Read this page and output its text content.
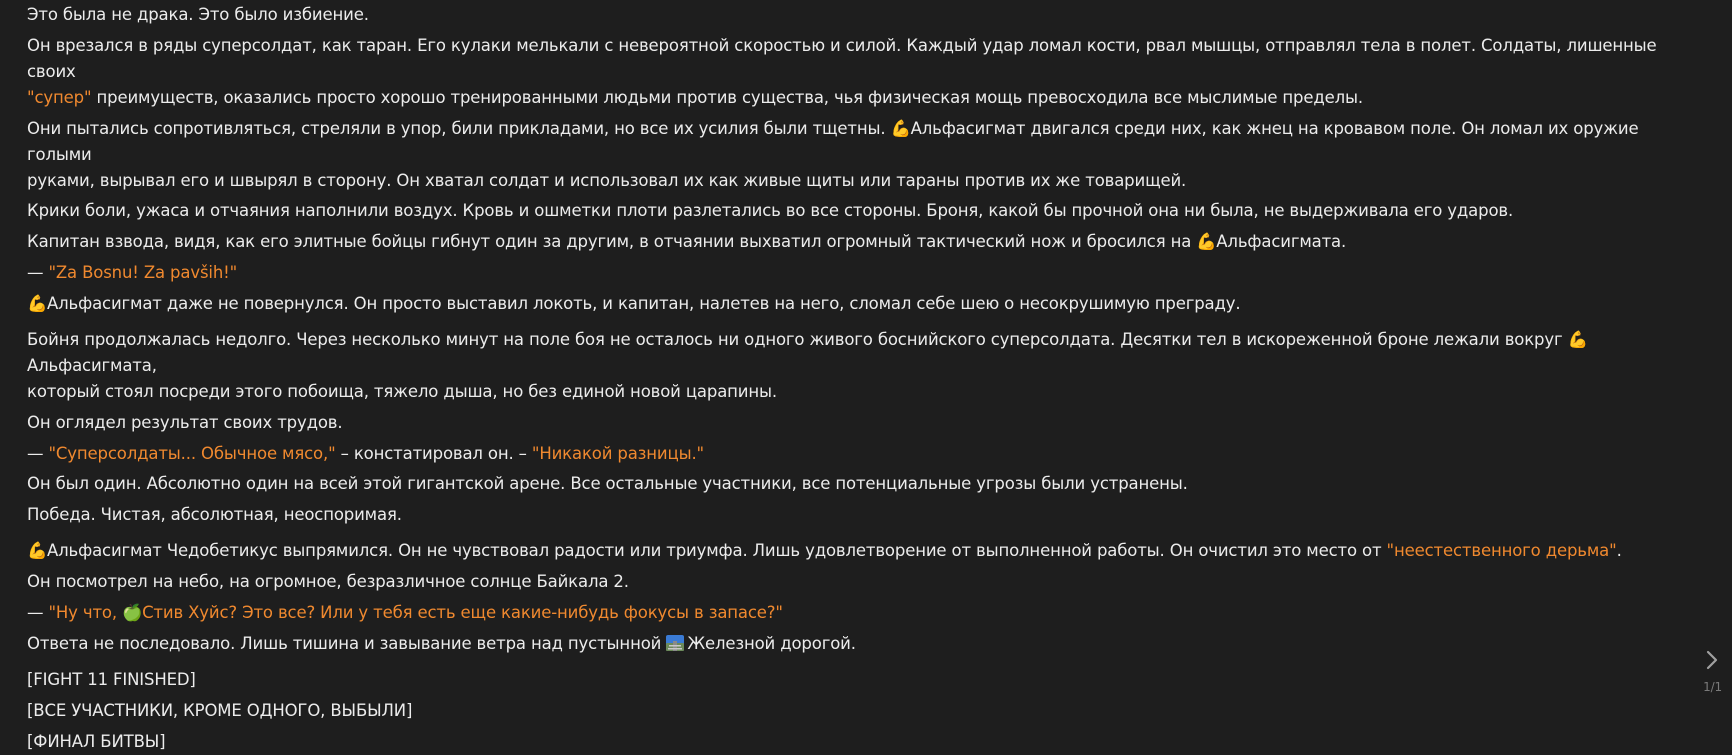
Это была не драка. Это было избиение.

Он врезался в ряды суперсолдат, как таран. Его кулаки мелькали с невероятной скоростью и силой. Каждый удар ломал кости, рвал мышцы, отправлял тела в полет. Солдаты, лишенные своих
"супер" преимуществ, оказались просто хорошо тренированными людьми против существа, чья физическая мощь превосходила все мыслимые пределы.

Они пытались сопротивляться, стреляли в упор, били прикладами, но все их усилия были тщетны. 💪Альфасигмат двигался среди них, как жнец на кровавом поле. Он ломал их оружие голыми
руками, вырывал его и швырял в сторону. Он хватал солдат и использовал их как живые щиты или тараны против их же товарищей.

Крики боли, ужаса и отчаяния наполнили воздух. Кровь и ошметки плоти разлетались во все стороны. Броня, какой бы прочной она ни была, не выдерживала его ударов.

Капитан взвода, видя, как его элитные бойцы гибнут один за другим, в отчаянии выхватил огромный тактический нож и бросился на 💪Альфасигмата.

— "Za Bosnu! Za pavših!"

💪Альфасигмат даже не повернулся. Он просто выставил локоть, и капитан, налетев на него, сломал себе шею о несокрушимую преграду.

Бойня продолжалась недолго. Через несколько минут на поле боя не осталось ни одного живого боснийского суперсолдата. Десятки тел в искореженной броне лежали вокруг 💪Альфасигмата,
который стоял посреди этого побоища, тяжело дыша, но без единой новой царапины.

Он оглядел результат своих трудов.

— "Суперсолдаты... Обычное мясо," – констатировал он. – "Никакой разницы."

Он был один. Абсолютно один на всей этой гигантской арене. Все остальные участники, все потенциальные угрозы были устранены.

Победа. Чистая, абсолютная, неоспоримая.

💪Альфасигмат Чедобетикус выпрямился. Он не чувствовал радости или триумфа. Лишь удовлетворение от выполненной работы. Он очистил это место от "неестественного дерьма".

Он посмотрел на небо, на огромное, безразличное солнце Байкала 2.

— "Ну что, 🍏Стив Хуйс? Это все? Или у тебя есть еще какие-нибудь фокусы в запасе?"

Ответа не последовало. Лишь тишина и завывание ветра над пустынной Железной дорогой.

[FIGHT 11 FINISHED]

[ВСЕ УЧАСТНИКИ, КРОМЕ ОДНОГО, ВЫБЫЛИ]

[ФИНАЛ БИТВЫ]

1/1
